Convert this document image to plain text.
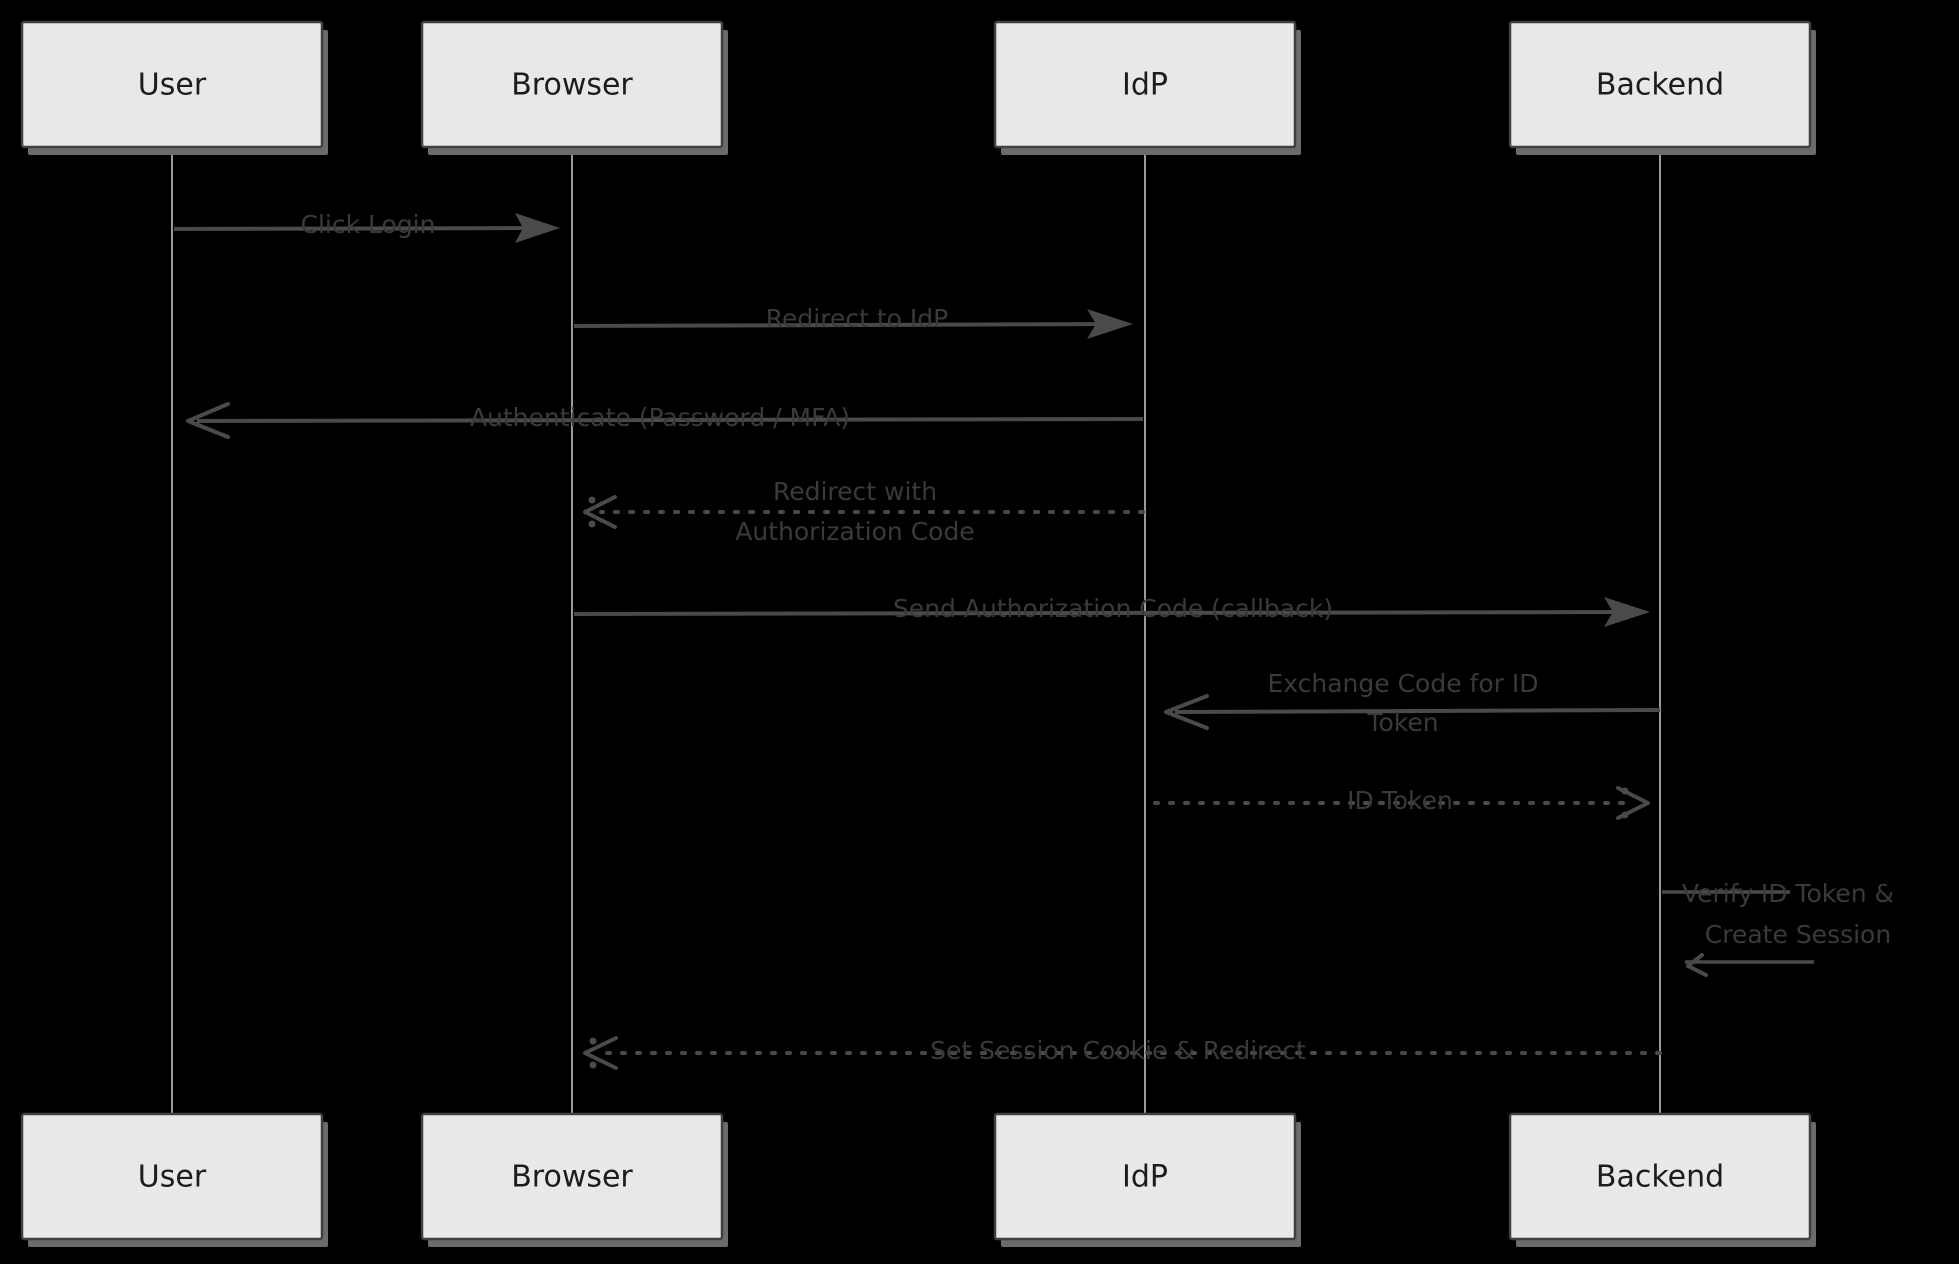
User	Browser	IdP	Backend
Click Login
Redirect to IdP
Authenticate (Password / MFA)
Redirect with
Authorization Code
Send Authorization Code (callback)
Exchange Code for ID
Token
ID Token
Verify ID Token &
Create Session
Set Session Cookie & Redirect
User	Browser	IdP	Backend
